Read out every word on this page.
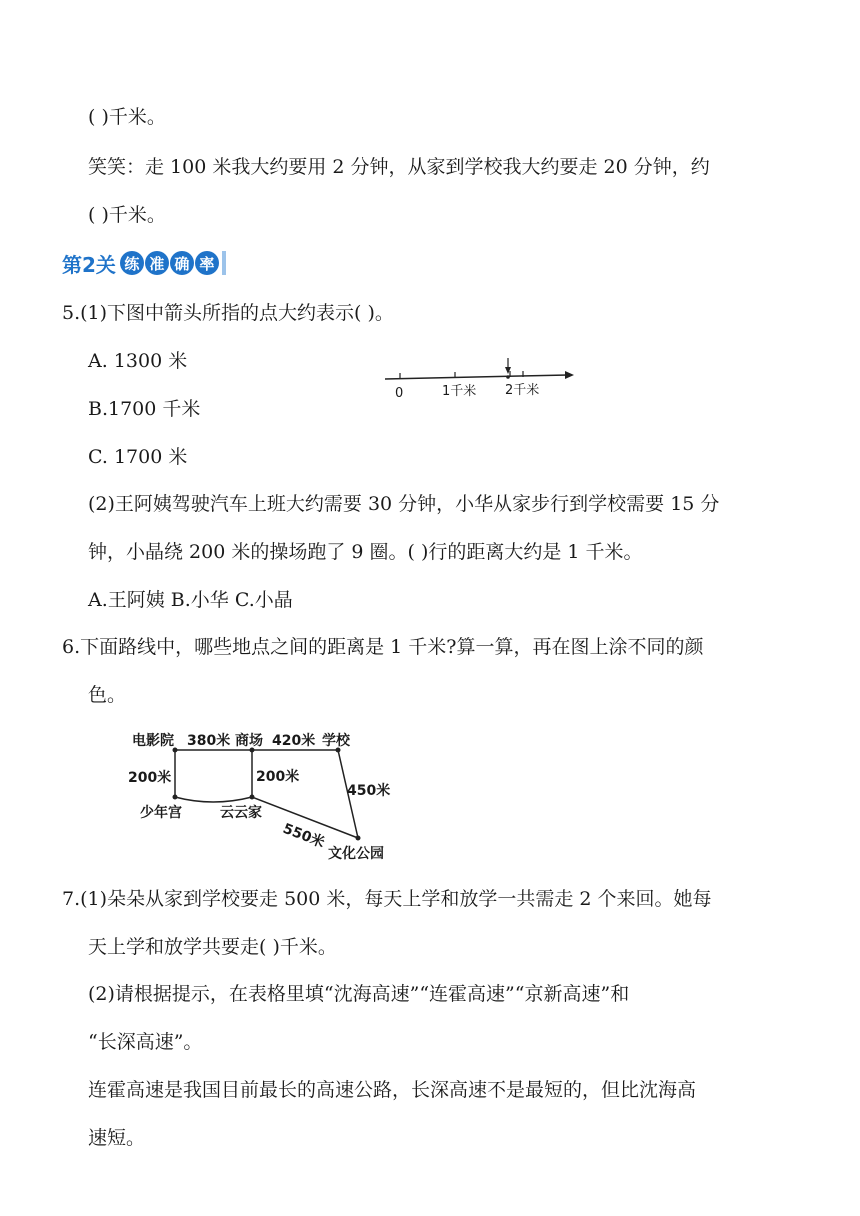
( )千米。
笑笑：走 100 米我大约要用 2 分钟，从家到学校我大约要走 20 分钟，约
( )千米。
第2关 练 准 确 率
5.(1)下图中箭头所指的点大约表示( )。
A. 1300 米
B.1700 千米
C. 1700 米
0	1千米 2千米
(2)王阿姨驾驶汽车上班大约需要 30 分钟，小华从家步行到学校需要 15 分
钟，小晶绕 200 米的操场跑了 9 圈。( )行的距离大约是 1 千米。
A.王阿姨 B.小华 C.小晶
6.下面路线中，哪些地点之间的距离是 1 千米?算一算，再在图上涂不同的颜
色。
电影院	商场	学校
少年宫	云云家
文化公园
380米	420米
200米	200米
450米
550米
7.(1)朵朵从家到学校要走 500 米，每天上学和放学一共需走 2 个来回。她每
天上学和放学共要走( )千米。
(2)请根据提示，在表格里填“沈海高速”“连霍高速”“京新高速”和
“长深高速”。
连霍高速是我国目前最长的高速公路，长深高速不是最短的，但比沈海高
速短。
